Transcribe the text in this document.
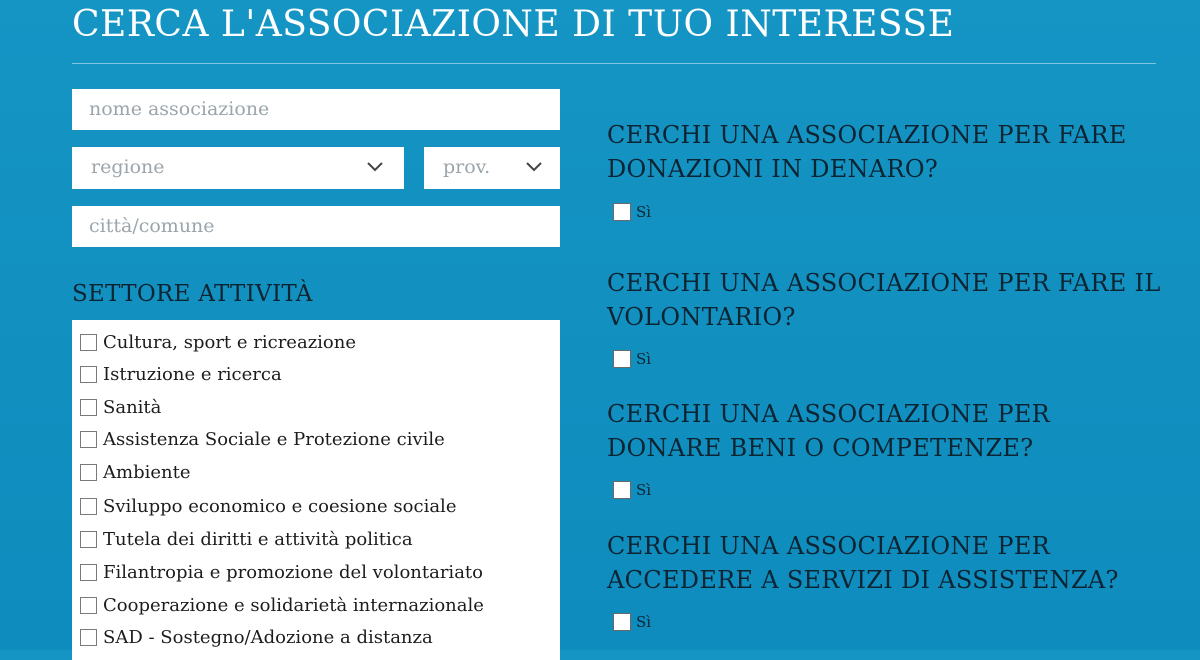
CERCA L'ASSOCIAZIONE DI TUO INTERESSE
nome associazione
regione	prov.
città/comune
SETTORE ATTIVITÀ
Cultura, sport e ricreazione
Istruzione e ricerca
Sanità
Assistenza Sociale e Protezione civile
Ambiente
Sviluppo economico e coesione sociale
Tutela dei diritti e attività politica
Filantropia e promozione del volontariato
Cooperazione e solidarietà internazionale
SAD - Sostegno/Adozione a distanza
CERCHI UNA ASSOCIAZIONE PER FARE DONAZIONI IN DENARO?
Sì
CERCHI UNA ASSOCIAZIONE PER FARE IL VOLONTARIO?
Sì
CERCHI UNA ASSOCIAZIONE PER DONARE BENI O COMPETENZE?
Sì
CERCHI UNA ASSOCIAZIONE PER ACCEDERE A SERVIZI DI ASSISTENZA?
Sì
